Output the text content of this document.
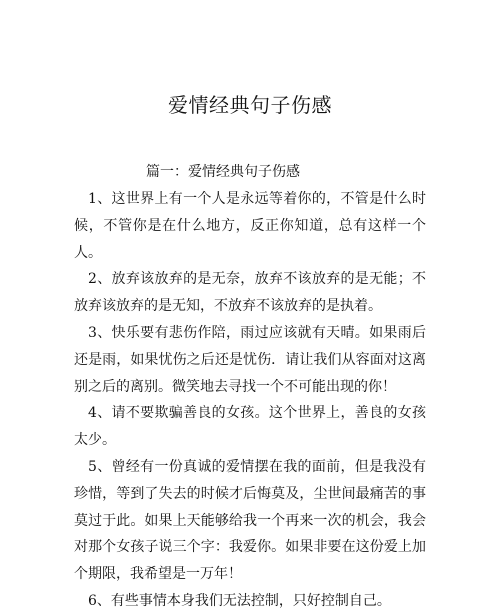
爱情经典句子伤感
篇一：爱情经典句子伤感

1、这世界上有一个人是永远等着你的，不管是什么时候，不管你是在什么地方，反正你知道，总有这样一个人。

2、放弃该放弃的是无奈，放弃不该放弃的是无能；不放弃该放弃的是无知，不放弃不该放弃的是执着。

3、快乐要有悲伤作陪，雨过应该就有天晴。如果雨后还是雨，如果忧伤之后还是忧伤．请让我们从容面对这离别之后的离别。微笑地去寻找一个不可能出现的你！

4、请不要欺骗善良的女孩。这个世界上，善良的女孩太少。

5、曾经有一份真诚的爱情摆在我的面前，但是我没有珍惜，等到了失去的时候才后悔莫及，尘世间最痛苦的事莫过于此。如果上天能够给我一个再来一次的机会，我会对那个女孩子说三个字：我爱你。如果非要在这份爱上加个期限，我希望是一万年！

6、有些事情本身我们无法控制，只好控制自己。
